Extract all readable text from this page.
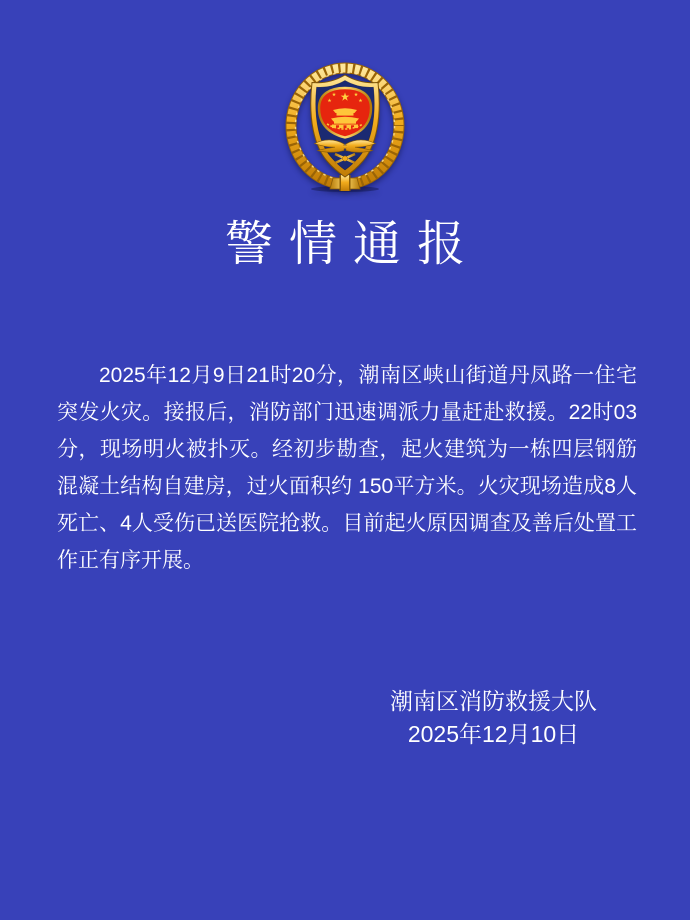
警情通报

2025年12月9日21时20分，潮南区峡山街道丹凤路一住宅突发火灾。接报后，消防部门迅速调派力量赶赴救援。22时03分，现场明火被扑灭。经初步勘查，起火建筑为一栋四层钢筋混凝土结构自建房，过火面积约 150平方米。火灾现场造成8人死亡、4人受伤已送医院抢救。目前起火原因调查及善后处置工作正有序开展。

潮南区消防救援大队
2025年12月10日
